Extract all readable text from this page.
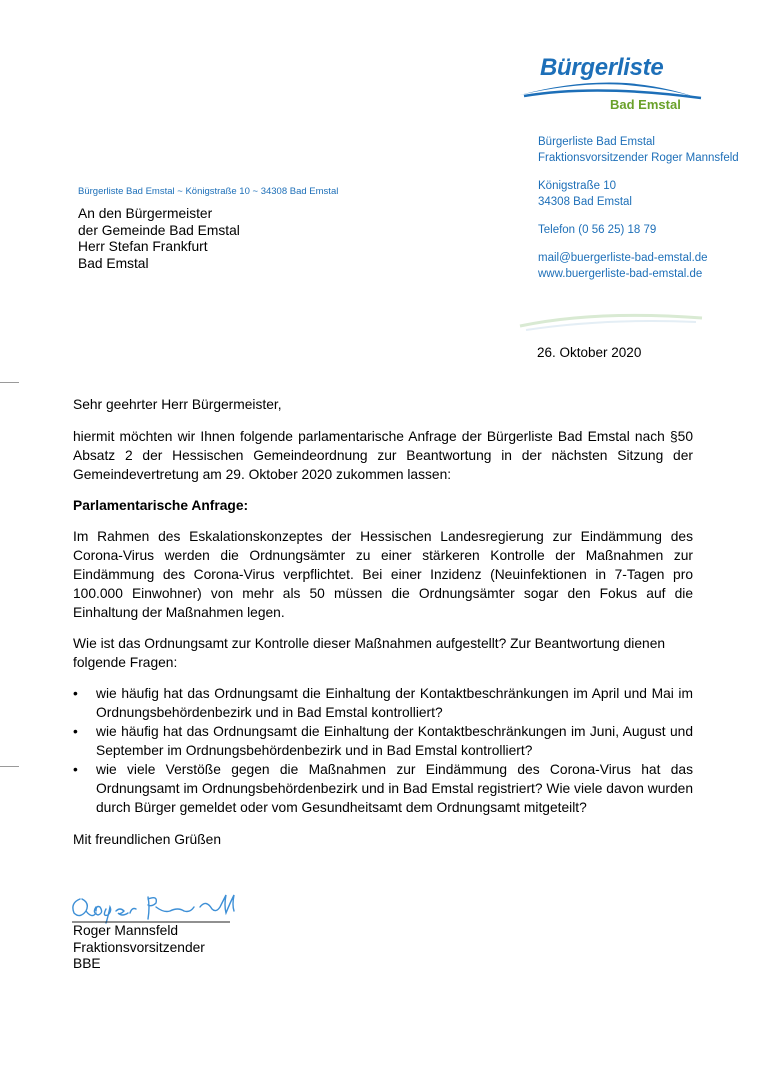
Bürgerliste
Bad Emstal
Bürgerliste Bad Emstal
Fraktionsvorsitzender Roger Mannsfeld
Königstraße 10
34308 Bad Emstal
Telefon (0 56 25) 18 79
mail@buergerliste-bad-emstal.de
www.buergerliste-bad-emstal.de
Bürgerliste Bad Emstal ~ Königstraße 10 ~ 34308 Bad Emstal
An den Bürgermeister
der Gemeinde Bad Emstal
Herr Stefan Frankfurt
Bad Emstal
26. Oktober 2020

Sehr geehrter Herr Bürgermeister,

hiermit möchten wir Ihnen folgende parlamentarische Anfrage der Bürgerliste Bad Emstal nach §50 Absatz 2 der Hessischen Gemeindeordnung zur Beantwortung in der nächsten Sitzung der Gemeindevertretung am 29. Oktober 2020 zukommen lassen:

Parlamentarische Anfrage:

Im Rahmen des Eskalationskonzeptes der Hessischen Landesregierung zur Eindämmung des Corona-Virus werden die Ordnungsämter zu einer stärkeren Kontrolle der Maßnahmen zur Eindämmung des Corona-Virus verpflichtet. Bei einer Inzidenz (Neuinfektionen in 7-Tagen pro 100.000 Einwohner) von mehr als 50 müssen die Ordnungsämter sogar den Fokus auf die Einhaltung der Maßnahmen legen.

Wie ist das Ordnungsamt zur Kontrolle dieser Maßnahmen aufgestellt? Zur Beantwortung dienen folgende Fragen:

• wie häufig hat das Ordnungsamt die Einhaltung der Kontaktbeschränkungen im April und Mai im Ordnungsbehördenbezirk und in Bad Emstal kontrolliert?
• wie häufig hat das Ordnungsamt die Einhaltung der Kontaktbeschränkungen im Juni, August und September im Ordnungsbehördenbezirk und in Bad Emstal kontrolliert?
• wie viele Verstöße gegen die Maßnahmen zur Eindämmung des Corona-Virus hat das Ordnungsamt im Ordnungsbehördenbezirk und in Bad Emstal registriert? Wie viele davon wurden durch Bürger gemeldet oder vom Gesundheitsamt dem Ordnungsamt mitgeteilt?

Mit freundlichen Grüßen

Roger Mannsfeld
Fraktionsvorsitzender
BBE
